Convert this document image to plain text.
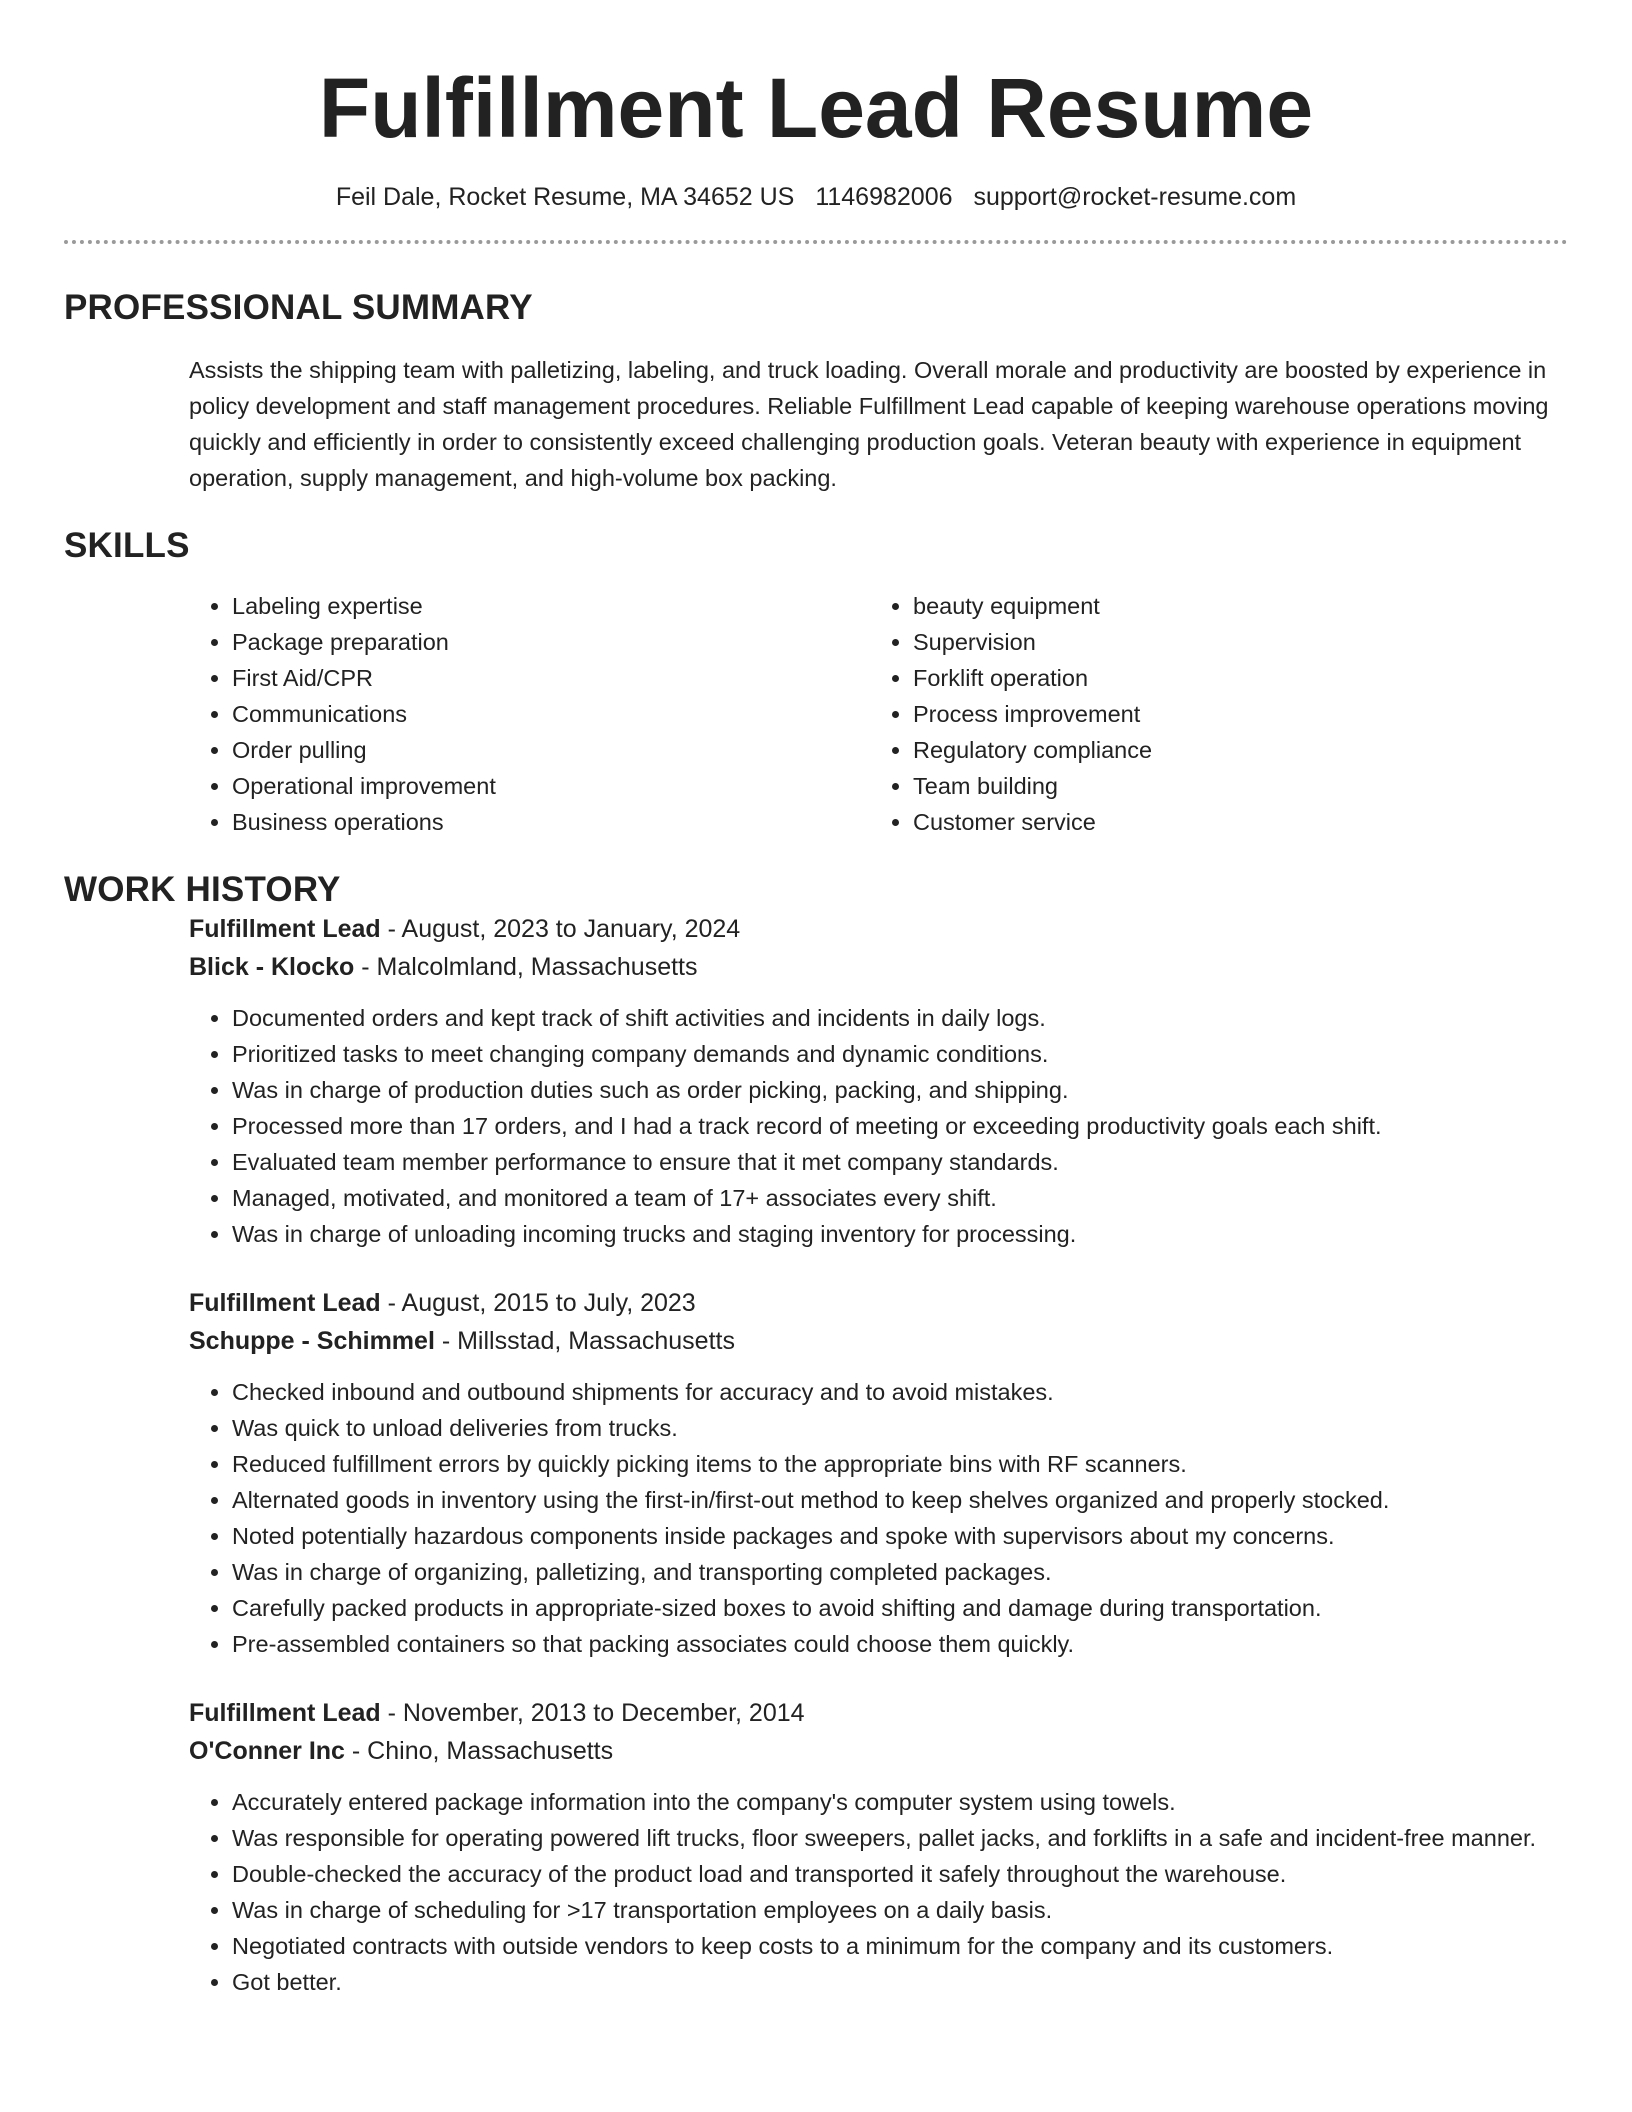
Fulfillment Lead Resume
Feil Dale, Rocket Resume, MA 34652 US 1146982006 support@rocket-resume.com
PROFESSIONAL SUMMARY

Assists the shipping team with palletizing, labeling, and truck loading. Overall morale and productivity are boosted by experience in policy development and staff management procedures. Reliable Fulfillment Lead capable of keeping warehouse operations moving quickly and efficiently in order to consistently exceed challenging production goals. Veteran beauty with experience in equipment operation, supply management, and high-volume box packing.

SKILLS
• Labeling expertise
• Package preparation
• First Aid/CPR
• Communications
• Order pulling
• Operational improvement
• Business operations
• beauty equipment
• Supervision
• Forklift operation
• Process improvement
• Regulatory compliance
• Team building
• Customer service
WORK HISTORY
Fulfillment Lead - August, 2023 to January, 2024
Blick - Klocko - Malcolmland, Massachusetts
• Documented orders and kept track of shift activities and incidents in daily logs.
• Prioritized tasks to meet changing company demands and dynamic conditions.
• Was in charge of production duties such as order picking, packing, and shipping.
• Processed more than 17 orders, and I had a track record of meeting or exceeding productivity goals each shift.
• Evaluated team member performance to ensure that it met company standards.
• Managed, motivated, and monitored a team of 17+ associates every shift.
• Was in charge of unloading incoming trucks and staging inventory for processing.
Fulfillment Lead - August, 2015 to July, 2023
Schuppe - Schimmel - Millsstad, Massachusetts
• Checked inbound and outbound shipments for accuracy and to avoid mistakes.
• Was quick to unload deliveries from trucks.
• Reduced fulfillment errors by quickly picking items to the appropriate bins with RF scanners.
• Alternated goods in inventory using the first-in/first-out method to keep shelves organized and properly stocked.
• Noted potentially hazardous components inside packages and spoke with supervisors about my concerns.
• Was in charge of organizing, palletizing, and transporting completed packages.
• Carefully packed products in appropriate-sized boxes to avoid shifting and damage during transportation.
• Pre-assembled containers so that packing associates could choose them quickly.
Fulfillment Lead - November, 2013 to December, 2014
O'Conner Inc - Chino, Massachusetts
• Accurately entered package information into the company's computer system using towels.
• Was responsible for operating powered lift trucks, floor sweepers, pallet jacks, and forklifts in a safe and incident-free manner.
• Double-checked the accuracy of the product load and transported it safely throughout the warehouse.
• Was in charge of scheduling for >17 transportation employees on a daily basis.
• Negotiated contracts with outside vendors to keep costs to a minimum for the company and its customers.
• Got better.
